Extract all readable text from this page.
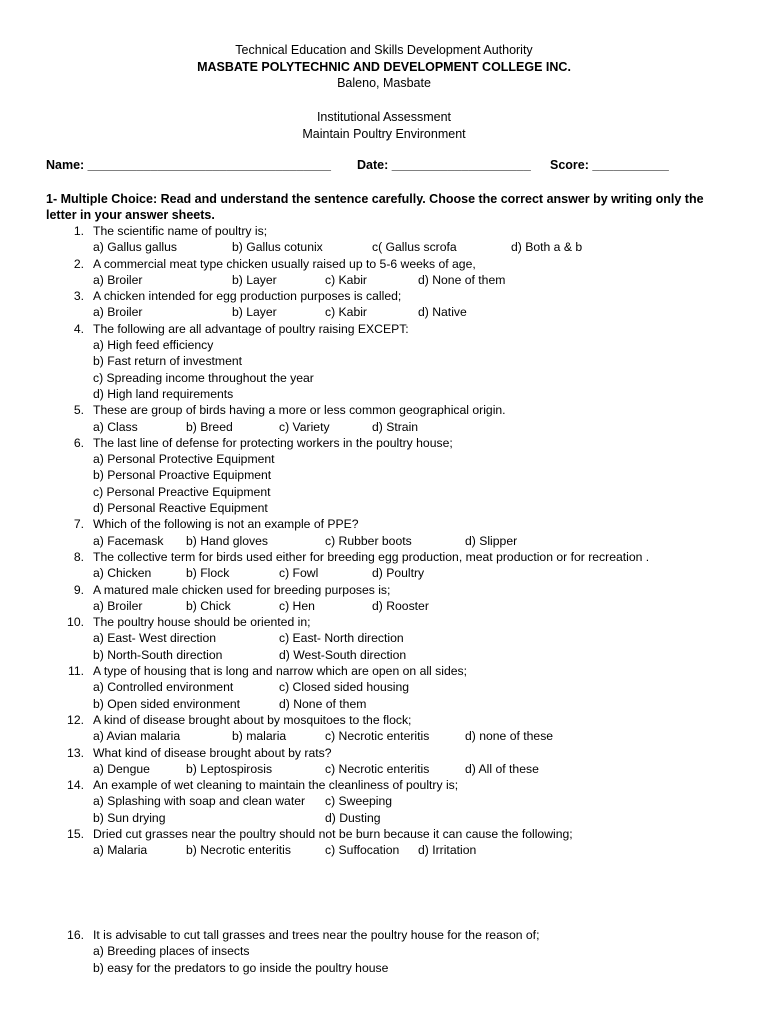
Technical Education and Skills Development Authority
MASBATE POLYTECHNIC AND DEVELOPMENT COLLEGE INC.
Baleno, Masbate
Institutional Assessment
Maintain Poultry Environment
Name: ___________________________________ Date: ____________________ Score: ___________
1- Multiple Choice: Read and understand the sentence carefully. Choose the correct answer by writing only the letter in your answer sheets.
1. The scientific name of poultry is;
a) Gallus gallus	b) Gallus cotunix	c( Gallus scrofa	d) Both a & b
2. A commercial meat type chicken usually raised up to 5-6 weeks of age,
a) Broiler	b) Layer	c) Kabir	d) None of them
3. A chicken intended for egg production purposes is called;
a) Broiler	b) Layer	c) Kabir	d) Native
4. The following are all advantage of poultry raising EXCEPT:
a) High feed efficiency
b) Fast return of investment
c) Spreading income throughout the year
d) High land requirements
5. These are group of birds having a more or less common geographical origin.
a) Class	b) Breed	c) Variety	d) Strain
6. The last line of defense for protecting workers in the poultry house;
a) Personal Protective Equipment
b) Personal Proactive Equipment
c) Personal Preactive Equipment
d) Personal Reactive Equipment
7. Which of the following is not an example of PPE?
a) Facemask b) Hand gloves	c) Rubber boots	d) Slipper
8. The collective term for birds used either for breeding egg production, meat production or for recreation .
a) Chicken	b) Flock	c) Fowl	d) Poultry
9. A matured male chicken used for breeding purposes is;
a) Broiler	b) Chick	c) Hen	d) Rooster
10. The poultry house should be oriented in;
a) East- West direction	c) East- North direction
b) North-South direction	d) West-South direction
11. A type of housing that is long and narrow which are open on all sides;
a) Controlled environment	c) Closed sided housing
b) Open sided environment	d) None of them
12. A kind of disease brought about by mosquitoes to the flock;
a) Avian malaria	b) malaria	c) Necrotic enteritis	d) none of these
13. What kind of disease brought about by rats?
a) Dengue	b) Leptospirosis	c) Necrotic enteritis	d) All of these
14. An example of wet cleaning to maintain the cleanliness of poultry is;
a) Splashing with soap and clean water c) Sweeping
b) Sun drying	d) Dusting
15. Dried cut grasses near the poultry should not be burn because it can cause the following;
a) Malaria	b) Necrotic enteritis	c) Suffocation d) Irritation
16. It is advisable to cut tall grasses and trees near the poultry house for the reason of;
a) Breeding places of insects
b) easy for the predators to go inside the poultry house
